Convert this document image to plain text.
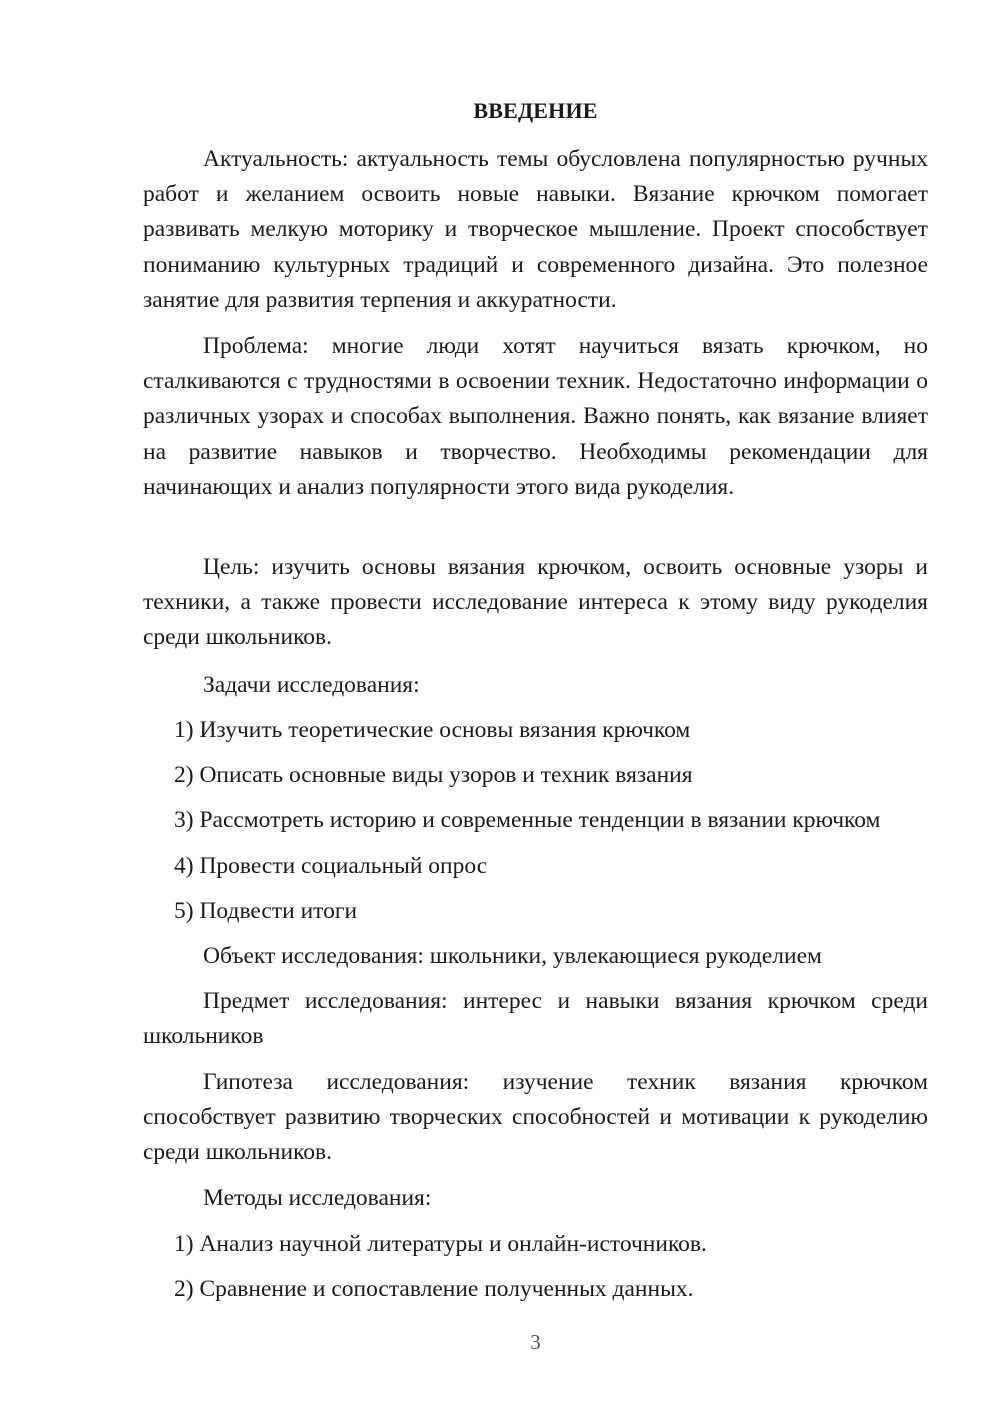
ВВЕДЕНИЕ

Актуальность: актуальность темы обусловлена популярностью ручных работ и желанием освоить новые навыки. Вязание крючком помогает развивать мелкую моторику и творческое мышление. Проект способствует пониманию культурных традиций и современного дизайна. Это полезное занятие для развития терпения и аккуратности.

Проблема: многие люди хотят научиться вязать крючком, но сталкиваются с трудностями в освоении техник. Недостаточно информации о различных узорах и способах выполнения. Важно понять, как вязание влияет на развитие навыков и творчество. Необходимы рекомендации для начинающих и анализ популярности этого вида рукоделия.

Цель: изучить основы вязания крючком, освоить основные узоры и техники, а также провести исследование интереса к этому виду рукоделия среди школьников.

Задачи исследования:
1) Изучить теоретические основы вязания крючком
2) Описать основные виды узоров и техник вязания
3) Рассмотреть историю и современные тенденции в вязании крючком
4) Провести социальный опрос
5) Подвести итоги
Объект исследования: школьники, увлекающиеся рукоделием

Предмет исследования: интерес и навыки вязания крючком среди школьников

Гипотеза исследования: изучение техник вязания крючком способствует развитию творческих способностей и мотивации к рукоделию среди школьников.

Методы исследования:
1) Анализ научной литературы и онлайн-источников.
2) Сравнение и сопоставление полученных данных.
3
